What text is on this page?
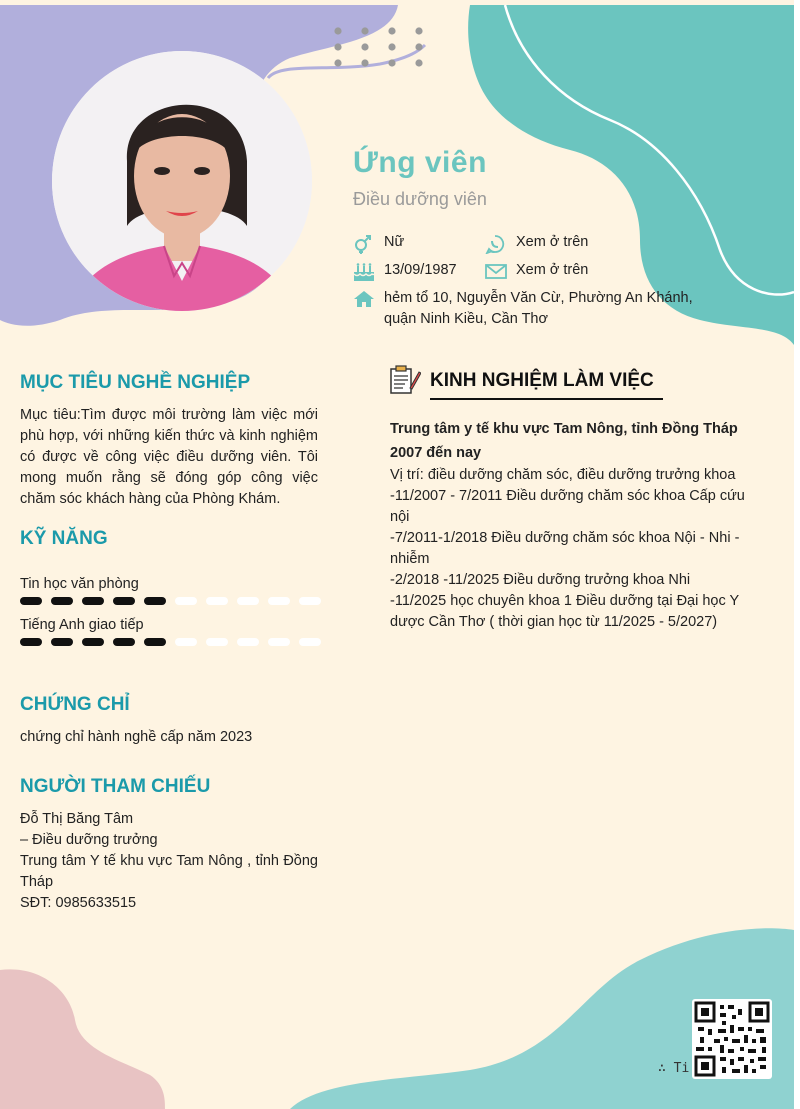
Ứng viên
Điều dưỡng viên
Nữ	Xem ở trên
13/09/1987	Xem ở trên
hẻm tổ 10, Nguyễn Văn Cừ, Phường An Khánh,
quận Ninh Kiều, Cần Thơ
MỤC TIÊU NGHỀ NGHIỆP
Mục tiêu:Tìm được môi trường làm việc mới phù hợp, với những kiến thức và kinh nghiệm có được về công việc điều dưỡng viên. Tôi mong muốn rằng sẽ đóng góp công việc chăm sóc khách hàng của Phòng Khám.
KỸ NĂNG
Tin học văn phòng
Tiếng Anh giao tiếp
CHỨNG CHỈ
chứng chỉ hành nghề cấp năm 2023
NGƯỜI THAM CHIẾU
Đỗ Thị Băng Tâm
– Điều dưỡng trưởng
Trung tâm Y tế khu vực Tam Nông , tỉnh Đồng Tháp
SĐT: 0985633515
KINH NGHIỆM LÀM VIỆC
Trung tâm y tế khu vực Tam Nông, tỉnh Đồng Tháp
2007 đến nay
Vị trí: điều dưỡng chăm sóc, điều dưỡng trưởng khoa
-11/2007 - 7/2011 Điều dưỡng chăm sóc khoa Cấp cứu
nội
-7/2011-1/2018 Điều dưỡng chăm sóc khoa Nội - Nhi -
nhiễm
-2/2018 -11/2025 Điều dưỡng trưởng khoa Nhi
-11/2025 học chuyên khoa 1 Điều dưỡng tại Đại học Y
dược Cần Thơ ( thời gian học từ 11/2025 - 5/2027)
∴ Ti
